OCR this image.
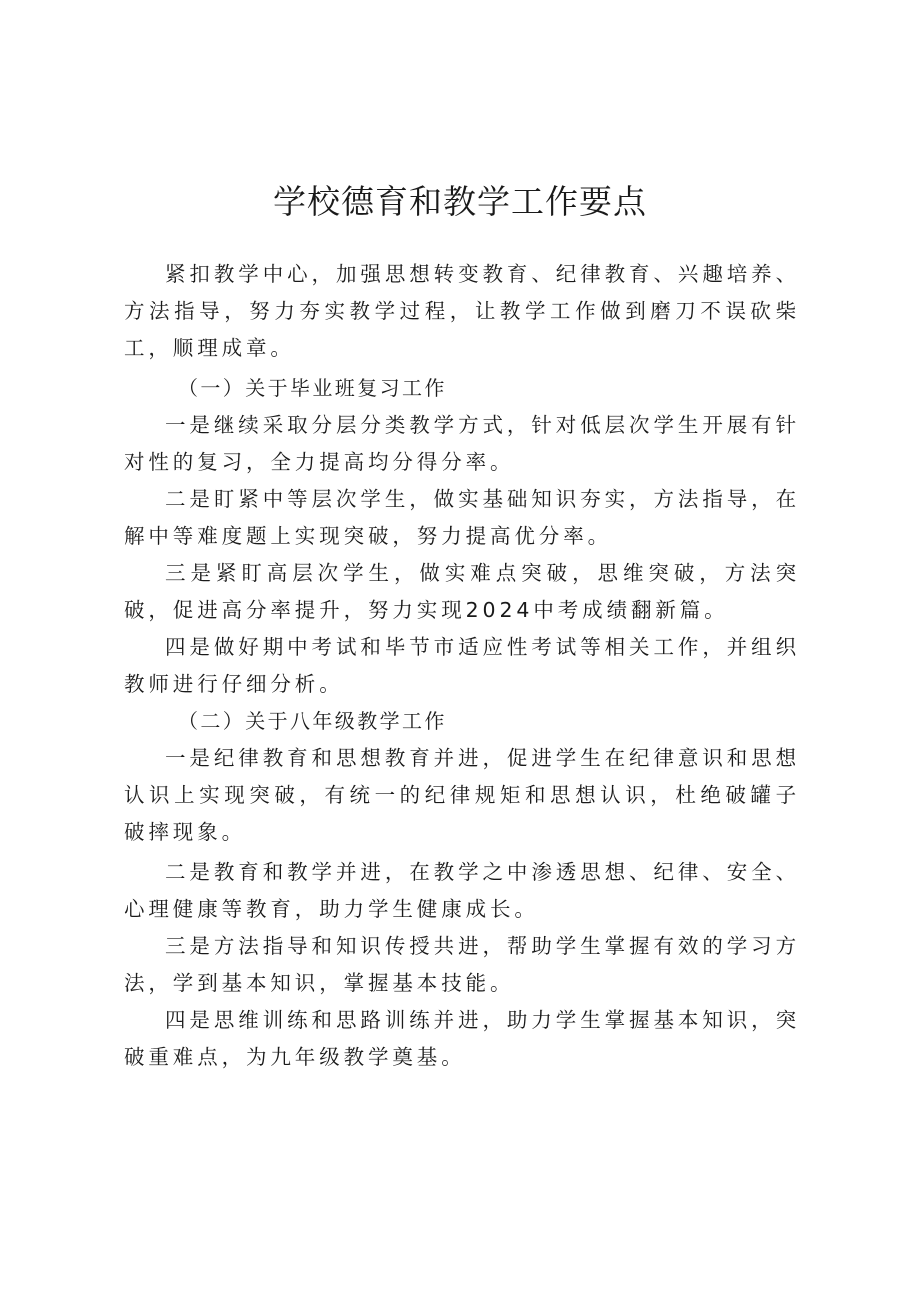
学校德育和教学工作要点

紧扣教学中心，加强思想转变教育、纪律教育、兴趣培养、方法指导，努力夯实教学过程，让教学工作做到磨刀不误砍柴工，顺理成章。

（一）关于毕业班复习工作

一是继续采取分层分类教学方式，针对低层次学生开展有针对性的复习，全力提高均分得分率。

二是盯紧中等层次学生，做实基础知识夯实，方法指导，在解中等难度题上实现突破，努力提高优分率。

三是紧盯高层次学生，做实难点突破，思维突破，方法突破，促进高分率提升，努力实现2024中考成绩翻新篇。

四是做好期中考试和毕节市适应性考试等相关工作，并组织教师进行仔细分析。

（二）关于八年级教学工作

一是纪律教育和思想教育并进，促进学生在纪律意识和思想认识上实现突破，有统一的纪律规矩和思想认识，杜绝破罐子破摔现象。

二是教育和教学并进，在教学之中渗透思想、纪律、安全、心理健康等教育，助力学生健康成长。

三是方法指导和知识传授共进，帮助学生掌握有效的学习方法，学到基本知识，掌握基本技能。

四是思维训练和思路训练并进，助力学生掌握基本知识，突破重难点，为九年级教学奠基。
